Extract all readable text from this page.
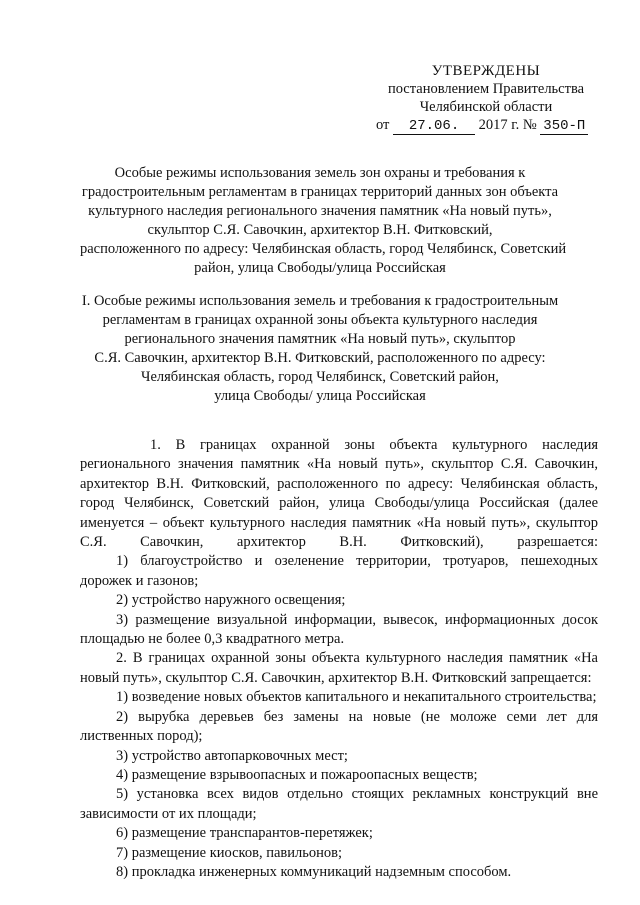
УТВЕРЖДЕНЫ
постановлением Правительства
Челябинской области
от 27.06. 2017 г. № 350-П
Особые режимы использования земель зон охраны и требования к
градостроительным регламентам в границах территорий данных зон объекта
культурного наследия регионального значения памятник «На новый путь»,
скульптор С.Я. Савочкин, архитектор В.Н. Фитковский,
расположенного по адресу: Челябинская область, город Челябинск, Советский
район, улица Свободы/улица Российская
I. Особые режимы использования земель и требования к градостроительным
регламентам в границах охранной зоны объекта культурного наследия
регионального значения памятник «На новый путь», скульптор
С.Я. Савочкин, архитектор В.Н. Фитковский, расположенного по адресу:
Челябинская область, город Челябинск, Советский район,
улица Свободы/ улица Российская

1. В границах охранной зоны объекта культурного наследия регионального значения памятник «На новый путь», скульптор С.Я. Савочкин, архитектор В.Н. Фитковский, расположенного по адресу: Челябинская область, город Челябинск, Советский район, улица Свободы/улица Российская (далее именуется – объект культурного наследия памятник «На новый путь», скульптор С.Я. Савочкин, архитектор В.Н. Фитковский), разрешается:

1) благоустройство и озеленение территории, тротуаров, пешеходных дорожек и газонов;

2) устройство наружного освещения;

3) размещение визуальной информации, вывесок, информационных досок площадью не более 0,3 квадратного метра.

2. В границах охранной зоны объекта культурного наследия памятник «На новый путь», скульптор С.Я. Савочкин, архитектор В.Н. Фитковский запрещается:

1) возведение новых объектов капитального и некапитального строительства;

2) вырубка деревьев без замены на новые (не моложе семи лет для лиственных пород);

3) устройство автопарковочных мест;

4) размещение взрывоопасных и пожароопасных веществ;

5) установка всех видов отдельно стоящих рекламных конструкций вне зависимости от их площади;

6) размещение транспарантов-перетяжек;

7) размещение киосков, павильонов;

8) прокладка инженерных коммуникаций надземным способом.
